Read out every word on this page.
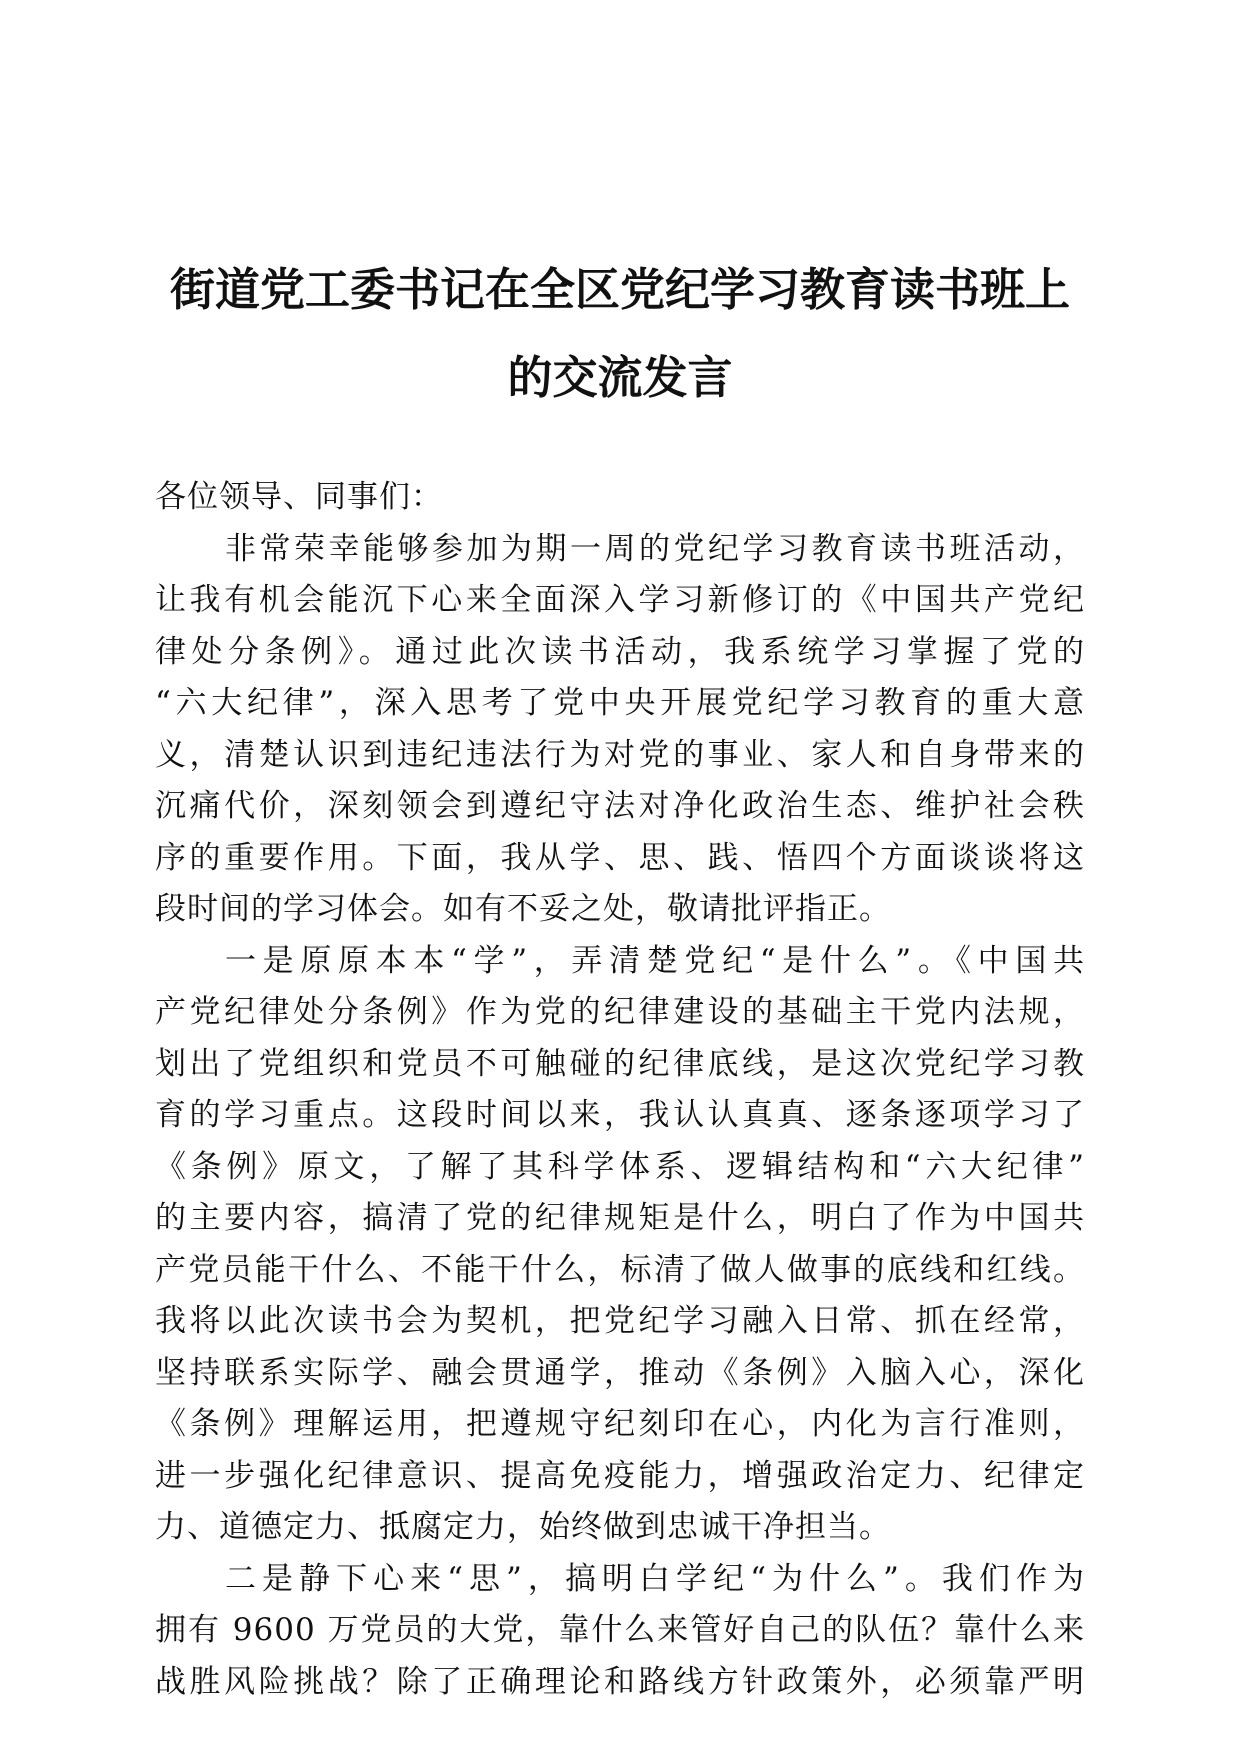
街道党工委书记在全区党纪学习教育读书班上
的交流发言
各位领导、同事们：
非常荣幸能够参加为期一周的党纪学习教育读书班活动，
让我有机会能沉下心来全面深入学习新修订的《中国共产党纪
律处分条例》。通过此次读书活动，我系统学习掌握了党的
“六大纪律”，深入思考了党中央开展党纪学习教育的重大意
义，清楚认识到违纪违法行为对党的事业、家人和自身带来的
沉痛代价，深刻领会到遵纪守法对净化政治生态、维护社会秩
序的重要作用。下面，我从学、思、践、悟四个方面谈谈将这
段时间的学习体会。如有不妥之处，敬请批评指正。
一是原原本本“学”，弄清楚党纪“是什么”。《中国共
产党纪律处分条例》作为党的纪律建设的基础主干党内法规，
划出了党组织和党员不可触碰的纪律底线，是这次党纪学习教
育的学习重点。这段时间以来，我认认真真、逐条逐项学习了
《条例》原文，了解了其科学体系、逻辑结构和“六大纪律”
的主要内容，搞清了党的纪律规矩是什么，明白了作为中国共
产党员能干什么、不能干什么，标清了做人做事的底线和红线。
我将以此次读书会为契机，把党纪学习融入日常、抓在经常，
坚持联系实际学、融会贯通学，推动《条例》入脑入心，深化
《条例》理解运用，把遵规守纪刻印在心，内化为言行准则，
进一步强化纪律意识、提高免疫能力，增强政治定力、纪律定
力、道德定力、抵腐定力，始终做到忠诚干净担当。
二是静下心来“思”，搞明白学纪“为什么”。我们作为
拥有 9600 万党员的大党，靠什么来管好自己的队伍？靠什么来
战胜风险挑战？除了正确理论和路线方针政策外，必须靠严明
